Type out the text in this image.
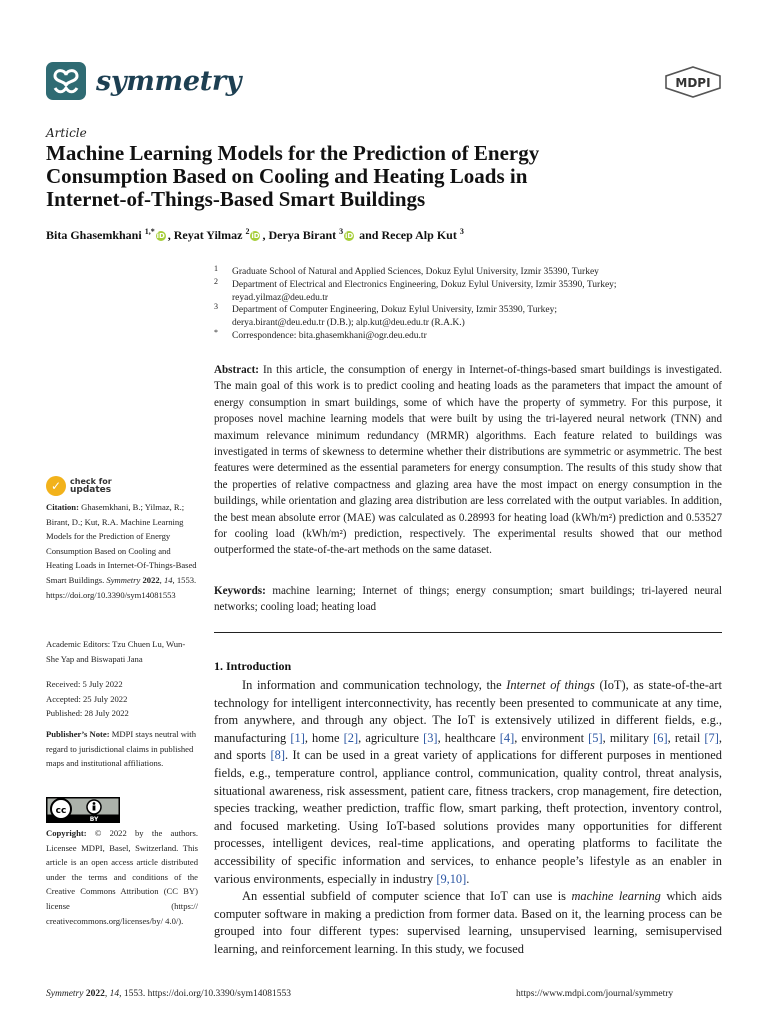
symmetry	MDPI
Article
Machine Learning Models for the Prediction of Energy
Consumption Based on Cooling and Heating Loads in
Internet-of-Things-Based Smart Buildings
Bita Ghasemkhani $^{1,*}$ iD , Reyat Yilmaz $^2$ iD , Derya Birant $^3$ iD and Recep Alp Kut $^3$
1 Graduate School of Natural and Applied Sciences, Dokuz Eylul University, Izmir 35390, Turkey
2 Department of Electrical and Electronics Engineering, Dokuz Eylul University, Izmir 35390, Turkey;
reyad.yilmaz@deu.edu.tr
3 Department of Computer Engineering, Dokuz Eylul University, Izmir 35390, Turkey;
derya.birant@deu.edu.tr (D.B.); alp.kut@deu.edu.tr (R.A.K.)
* Correspondence: bita.ghasemkhani@ogr.deu.edu.tr
Abstract: In this article, the consumption of energy in Internet-of-things-based smart buildings is investigated. The main goal of this work is to predict cooling and heating loads as the parameters that impact the amount of energy consumption in smart buildings, some of which have the property of symmetry. For this purpose, it proposes novel machine learning models that were built by using the tri-layered neural network (TNN) and maximum relevance minimum redundancy (MRMR) algorithms. Each feature related to buildings was investigated in terms of skewness to determine whether their distributions are symmetric or asymmetric. The best features were determined as the essential parameters for energy consumption. The results of this study show that the properties of relative compactness and glazing area have the most impact on energy consumption in the buildings, while orientation and glazing area distribution are less correlated with the output variables. In addition, the best mean absolute error (MAE) was calculated as 0.28993 for heating load (kWh/m²) prediction and 0.53527 for cooling load (kWh/m²) prediction, respectively. The experimental results showed that our method outperformed the state-of-the-art methods on the same dataset.
Keywords: machine learning; Internet of things; energy consumption; smart buildings; tri-layered neural networks; cooling load; heating load
✓	check for
updates
Citation: Ghasemkhani, B.; Yilmaz, R.; Birant, D.; Kut, R.A. Machine Learning Models for the Prediction of Energy Consumption Based on Cooling and Heating Loads in Internet-Of-Things-Based Smart Buildings. Symmetry 2022, 14, 1553. https://doi.org/10.3390/sym14081553
Academic Editors: Tzu Chuen Lu, Wun-She Yap and Biswapati Jana
Received: 5 July 2022
Accepted: 25 July 2022
Published: 28 July 2022
Publisher’s Note: MDPI stays neutral with regard to jurisdictional claims in published maps and institutional affiliations.
cc
BY
Copyright: © 2022 by the authors. Licensee MDPI, Basel, Switzerland. This article is an open access article distributed under the terms and conditions of the Creative Commons Attribution (CC BY) license (https:// creativecommons.org/licenses/by/ 4.0/).
1. Introduction
In information and communication technology, the Internet of things (IoT), as state-of-the-art technology for intelligent interconnectivity, has recently been presented to communicate at any time, from anywhere, and through any object. The IoT is extensively utilized in different fields, e.g., manufacturing [1], home [2], agriculture [3], healthcare [4], environment [5], military [6], retail [7], and sports [8]. It can be used in a great variety of applications for different purposes in mentioned fields, e.g., temperature control, appliance control, communication, quality control, threat analysis, situational awareness, risk assessment, patient care, fitness trackers, crop management, fire detection, species tracking, weather prediction, traffic flow, smart parking, theft protection, inventory control, and focused marketing. Using IoT-based solutions provides many opportunities for different processes, intelligent devices, real-time applications, and operating platforms to facilitate the accessibility of specific information and services, to enhance people’s lifestyle as an enabler in various environments, especially in industry [9,10].
An essential subfield of computer science that IoT can use is machine learning which aids computer software in making a prediction from former data. Based on it, the learning process can be grouped into four different types: supervised learning, unsupervised learning, semisupervised learning, and reinforcement learning. In this study, we focused
Symmetry 2022, 14, 1553. https://doi.org/10.3390/sym14081553	https://www.mdpi.com/journal/symmetry
